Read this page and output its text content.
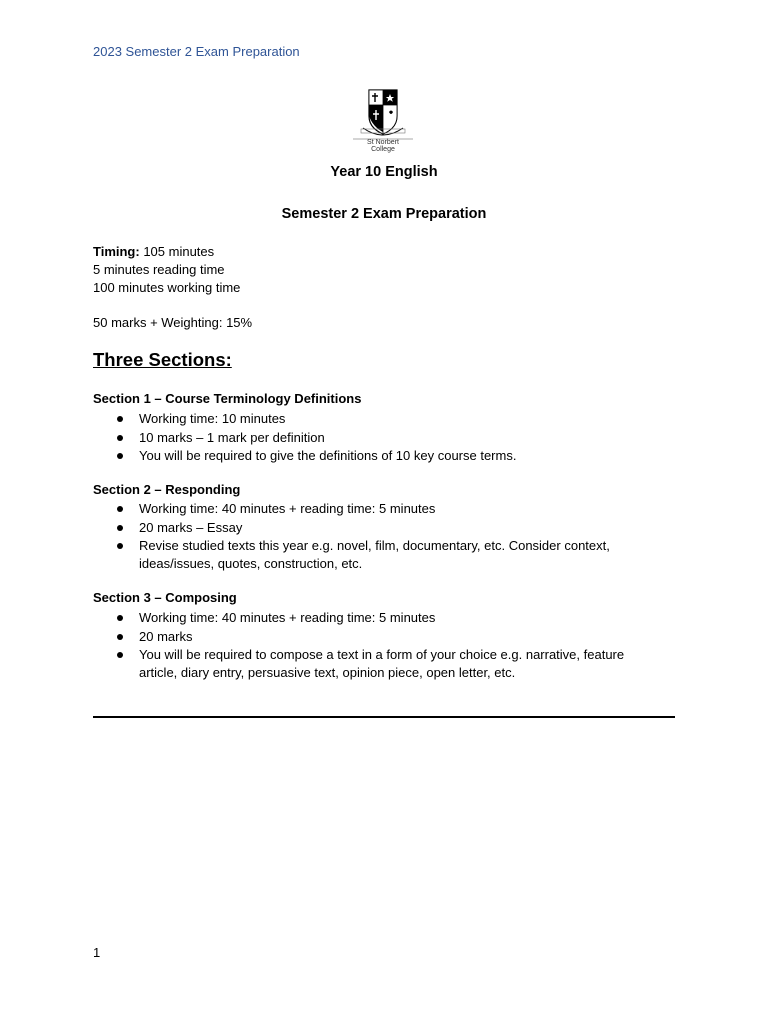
2023 Semester 2 Exam Preparation
St Norbert
College
Year 10 English
Semester 2 Exam Preparation
Timing: 105 minutes
5 minutes reading time
100 minutes working time
50 marks + Weighting: 15%
Three Sections:
Section 1 – Course Terminology Definitions
Working time: 10 minutes
10 marks – 1 mark per definition
You will be required to give the definitions of 10 key course terms.
Section 2 – Responding
Working time: 40 minutes + reading time: 5 minutes
20 marks – Essay
Revise studied texts this year e.g. novel, film, documentary, etc. Consider context, ideas/issues, quotes, construction, etc.
Section 3 – Composing
Working time: 40 minutes + reading time: 5 minutes
20 marks
You will be required to compose a text in a form of your choice e.g. narrative, feature article, diary entry, persuasive text, opinion piece, open letter, etc.
1
